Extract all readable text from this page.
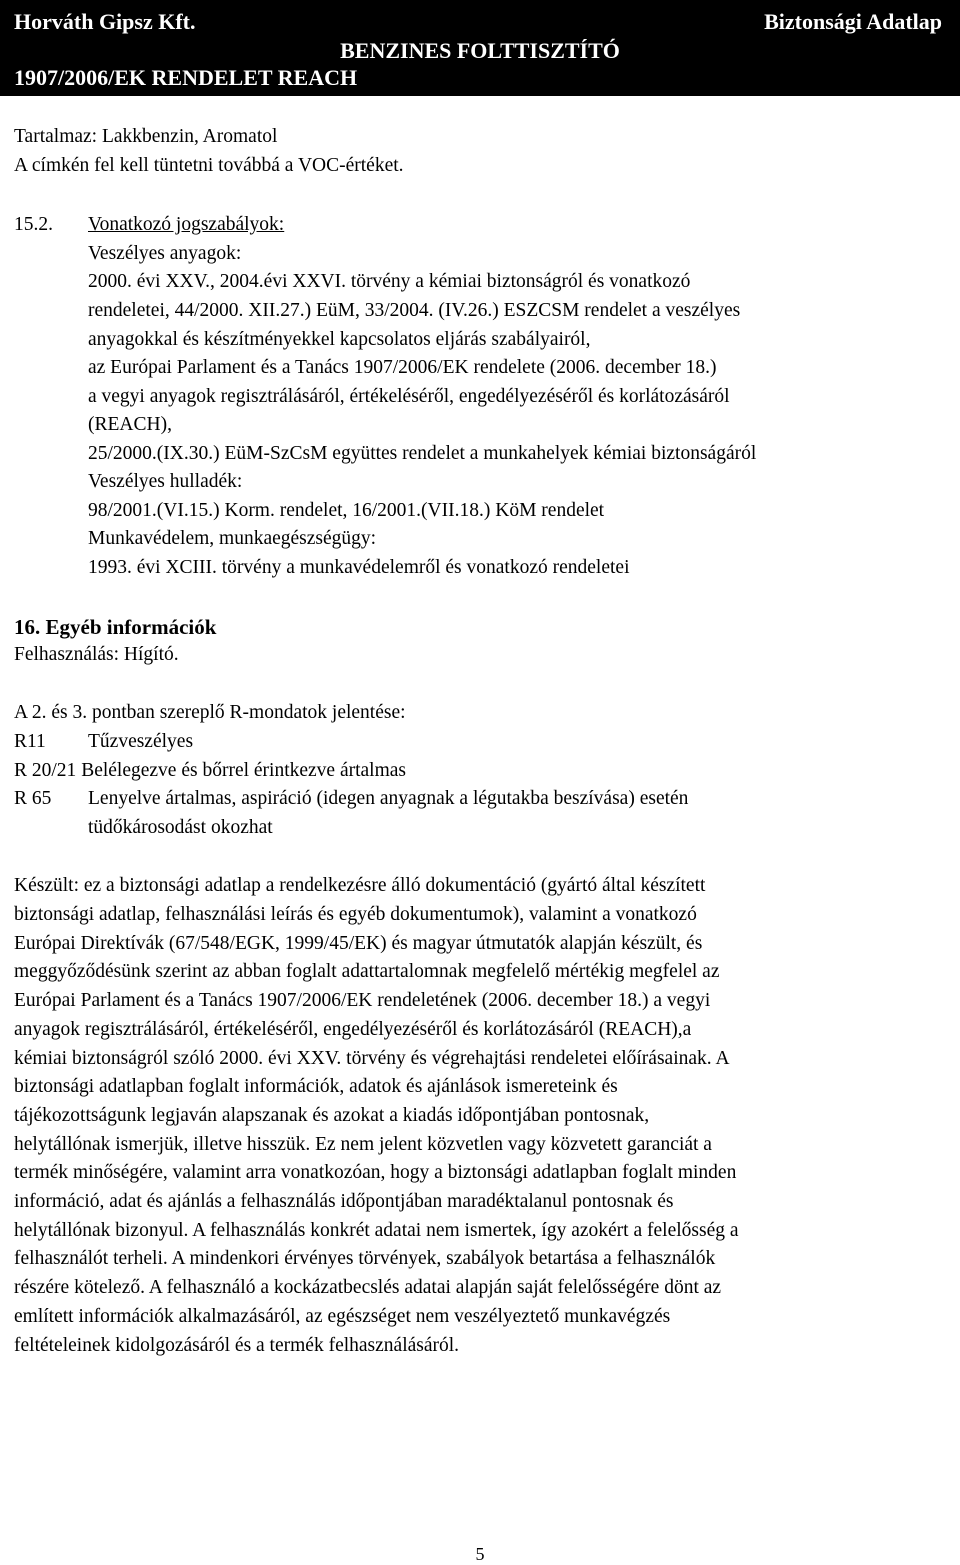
Horváth Gipsz Kft.	Biztonsági Adatlap
BENZINES FOLTTISZTÍTÓ
1907/2006/EK RENDELET REACH
Tartalmaz: Lakkbenzin, Aromatol
A címkén fel kell tüntetni továbbá a VOC-értéket.
15.2. Vonatkozó jogszabályok:
Veszélyes anyagok:
2000. évi XXV., 2004.évi XXVI. törvény a kémiai biztonságról és vonatkozó
rendeletei, 44/2000. XII.27.) EüM, 33/2004. (IV.26.) ESZCSM rendelet a veszélyes
anyagokkal és készítményekkel kapcsolatos eljárás szabályairól,
az Európai Parlament és a Tanács 1907/2006/EK rendelete (2006. december 18.)
a vegyi anyagok regisztrálásáról, értékeléséről, engedélyezéséről és korlátozásáról
(REACH),
25/2000.(IX.30.) EüM-SzCsM együttes rendelet a munkahelyek kémiai biztonságáról
Veszélyes hulladék:
98/2001.(VI.15.) Korm. rendelet, 16/2001.(VII.18.) KöM rendelet
Munkavédelem, munkaegészségügy:
1993. évi XCIII. törvény a munkavédelemről és vonatkozó rendeletei
16. Egyéb információk
Felhasználás: Hígító.
A 2. és 3. pontban szereplő R-mondatok jelentése:
R11 Tűzveszélyes
R 20/21 Belélegezve és bőrrel érintkezve ártalmas
R 65 Lenyelve ártalmas, aspiráció (idegen anyagnak a légutakba beszívása) esetén
tüdőkárosodást okozhat
Készült: ez a biztonsági adatlap a rendelkezésre álló dokumentáció (gyártó által készített
biztonsági adatlap, felhasználási leírás és egyéb dokumentumok), valamint a vonatkozó
Európai Direktívák (67/548/EGK, 1999/45/EK) és magyar útmutatók alapján készült, és
meggyőződésünk szerint az abban foglalt adattartalomnak megfelelő mértékig megfelel az
Európai Parlament és a Tanács 1907/2006/EK rendeletének (2006. december 18.) a vegyi
anyagok regisztrálásáról, értékeléséről, engedélyezéséről és korlátozásáról (REACH),a
kémiai biztonságról szóló 2000. évi XXV. törvény és végrehajtási rendeletei előírásainak. A
biztonsági adatlapban foglalt információk, adatok és ajánlások ismereteink és
tájékozottságunk legjaván alapszanak és azokat a kiadás időpontjában pontosnak,
helytállónak ismerjük, illetve hisszük. Ez nem jelent közvetlen vagy közvetett garanciát a
termék minőségére, valamint arra vonatkozóan, hogy a biztonsági adatlapban foglalt minden
információ, adat és ajánlás a felhasználás időpontjában maradéktalanul pontosnak és
helytállónak bizonyul. A felhasználás konkrét adatai nem ismertek, így azokért a felelősség a
felhasználót terheli. A mindenkori érvényes törvények, szabályok betartása a felhasználók
részére kötelező. A felhasználó a kockázatbecslés adatai alapján saját felelősségére dönt az
említett információk alkalmazásáról, az egészséget nem veszélyeztető munkavégzés
feltételeinek kidolgozásáról és a termék felhasználásáról.
5
